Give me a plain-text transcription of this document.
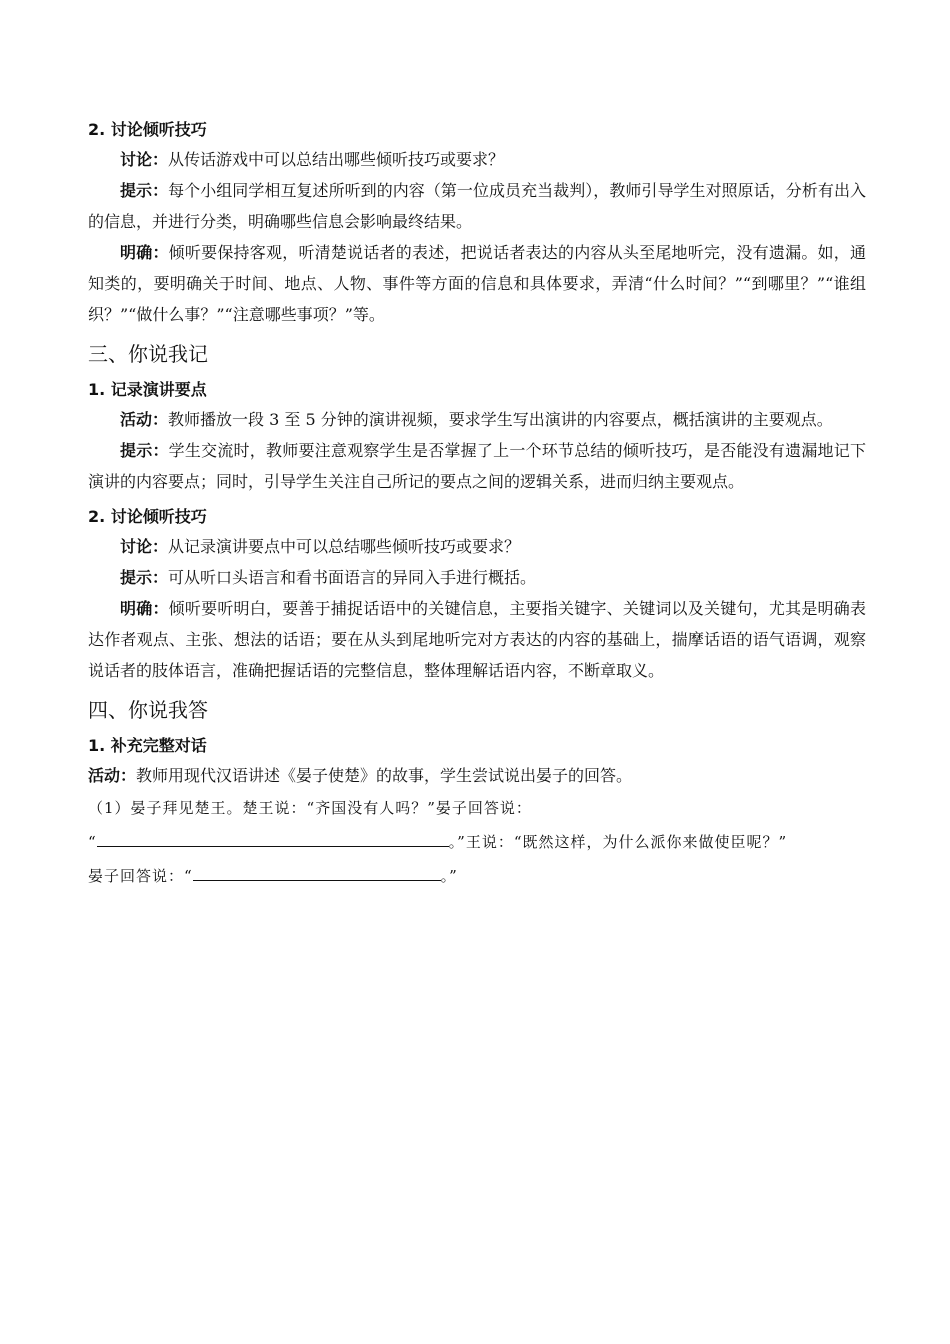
2. 讨论倾听技巧

讨论：从传话游戏中可以总结出哪些倾听技巧或要求？

提示：每个小组同学相互复述所听到的内容（第一位成员充当裁判），教师引导学生对照原话，分析有出入的信息，并进行分类，明确哪些信息会影响最终结果。

明确：倾听要保持客观，听清楚说话者的表述，把说话者表达的内容从头至尾地听完，没有遗漏。如，通知类的，要明确关于时间、地点、人物、事件等方面的信息和具体要求，弄清“什么时间？”“到哪里？”“谁组织？”“做什么事？”“注意哪些事项？”等。

三、你说我记

1. 记录演讲要点

活动：教师播放一段 3 至 5 分钟的演讲视频，要求学生写出演讲的内容要点，概括演讲的主要观点。

提示：学生交流时，教师要注意观察学生是否掌握了上一个环节总结的倾听技巧，是否能没有遗漏地记下演讲的内容要点；同时，引导学生关注自己所记的要点之间的逻辑关系，进而归纳主要观点。

2. 讨论倾听技巧

讨论：从记录演讲要点中可以总结哪些倾听技巧或要求？

提示：可从听口头语言和看书面语言的异同入手进行概括。

明确：倾听要听明白，要善于捕捉话语中的关键信息，主要指关键字、关键词以及关键句，尤其是明确表达作者观点、主张、想法的话语；要在从头到尾地听完对方表达的内容的基础上，揣摩话语的语气语调，观察说话者的肢体语言，准确把握话语的完整信息，整体理解话语内容，不断章取义。

四、你说我答

1. 补充完整对话

活动：教师用现代汉语讲述《晏子使楚》的故事，学生尝试说出晏子的回答。

（1）晏子拜见楚王。楚王说：“齐国没有人吗？”晏子回答说：

“	。”王说：“既然这样，为什么派你来做使臣呢？”

晏子回答说：“	。”
